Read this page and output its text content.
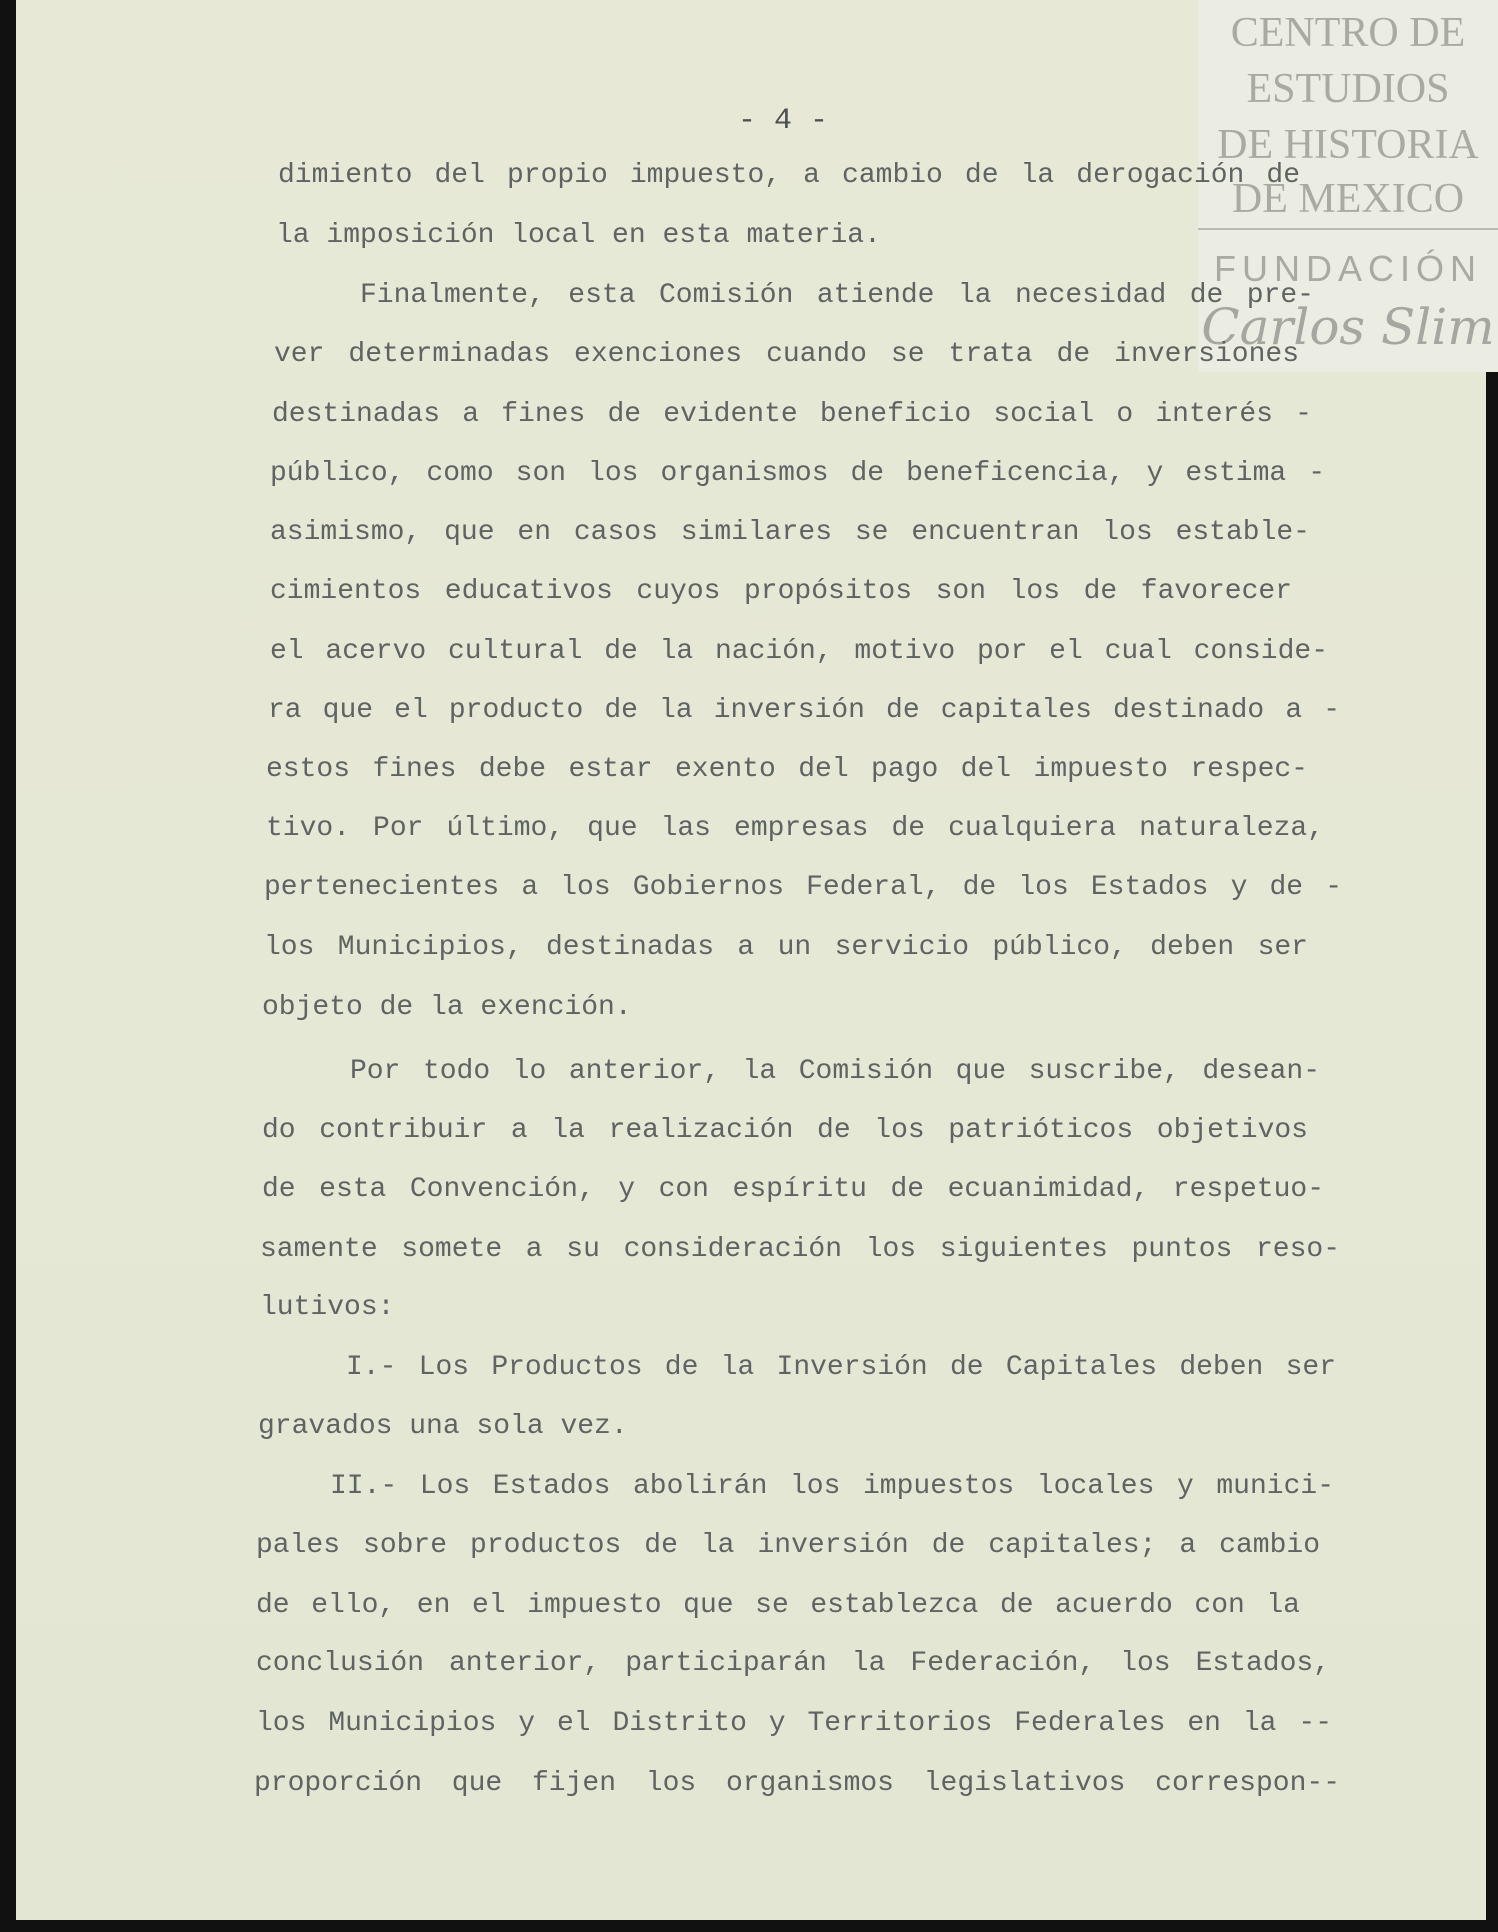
CENTRO DE
ESTUDIOS
DE HISTORIA
DE MEXICO
FUNDACIÓN
Carlos Slim
- 4 -
dimiento del propio impuesto, a cambio de la derogación de
la imposición local en esta materia.
Finalmente, esta Comisión atiende la necesidad de pre-
ver determinadas exenciones cuando se trata de inversiones
destinadas a fines de evidente beneficio social o interés -
público, como son los organismos de beneficencia, y estima -
asimismo, que en casos similares se encuentran los estable-
cimientos educativos cuyos propósitos son los de favorecer
el acervo cultural de la nación, motivo por el cual conside-
ra que el producto de la inversión de capitales destinado a -
estos fines debe estar exento del pago del impuesto respec-
tivo. Por último, que las empresas de cualquiera naturaleza,
pertenecientes a los Gobiernos Federal, de los Estados y de -
los Municipios, destinadas a un servicio público, deben ser
objeto de la exención.
Por todo lo anterior, la Comisión que suscribe, desean-
do contribuir a la realización de los patrióticos objetivos
de esta Convención, y con espíritu de ecuanimidad, respetuo-
samente somete a su consideración los siguientes puntos reso-
lutivos:
I.- Los Productos de la Inversión de Capitales deben ser
gravados una sola vez.
II.- Los Estados abolirán los impuestos locales y munici-
pales sobre productos de la inversión de capitales; a cambio
de ello, en el impuesto que se establezca de acuerdo con la
conclusión anterior, participarán la Federación, los Estados,
los Municipios y el Distrito y Territorios Federales en la --
proporción que fijen los organismos legislativos correspon--
